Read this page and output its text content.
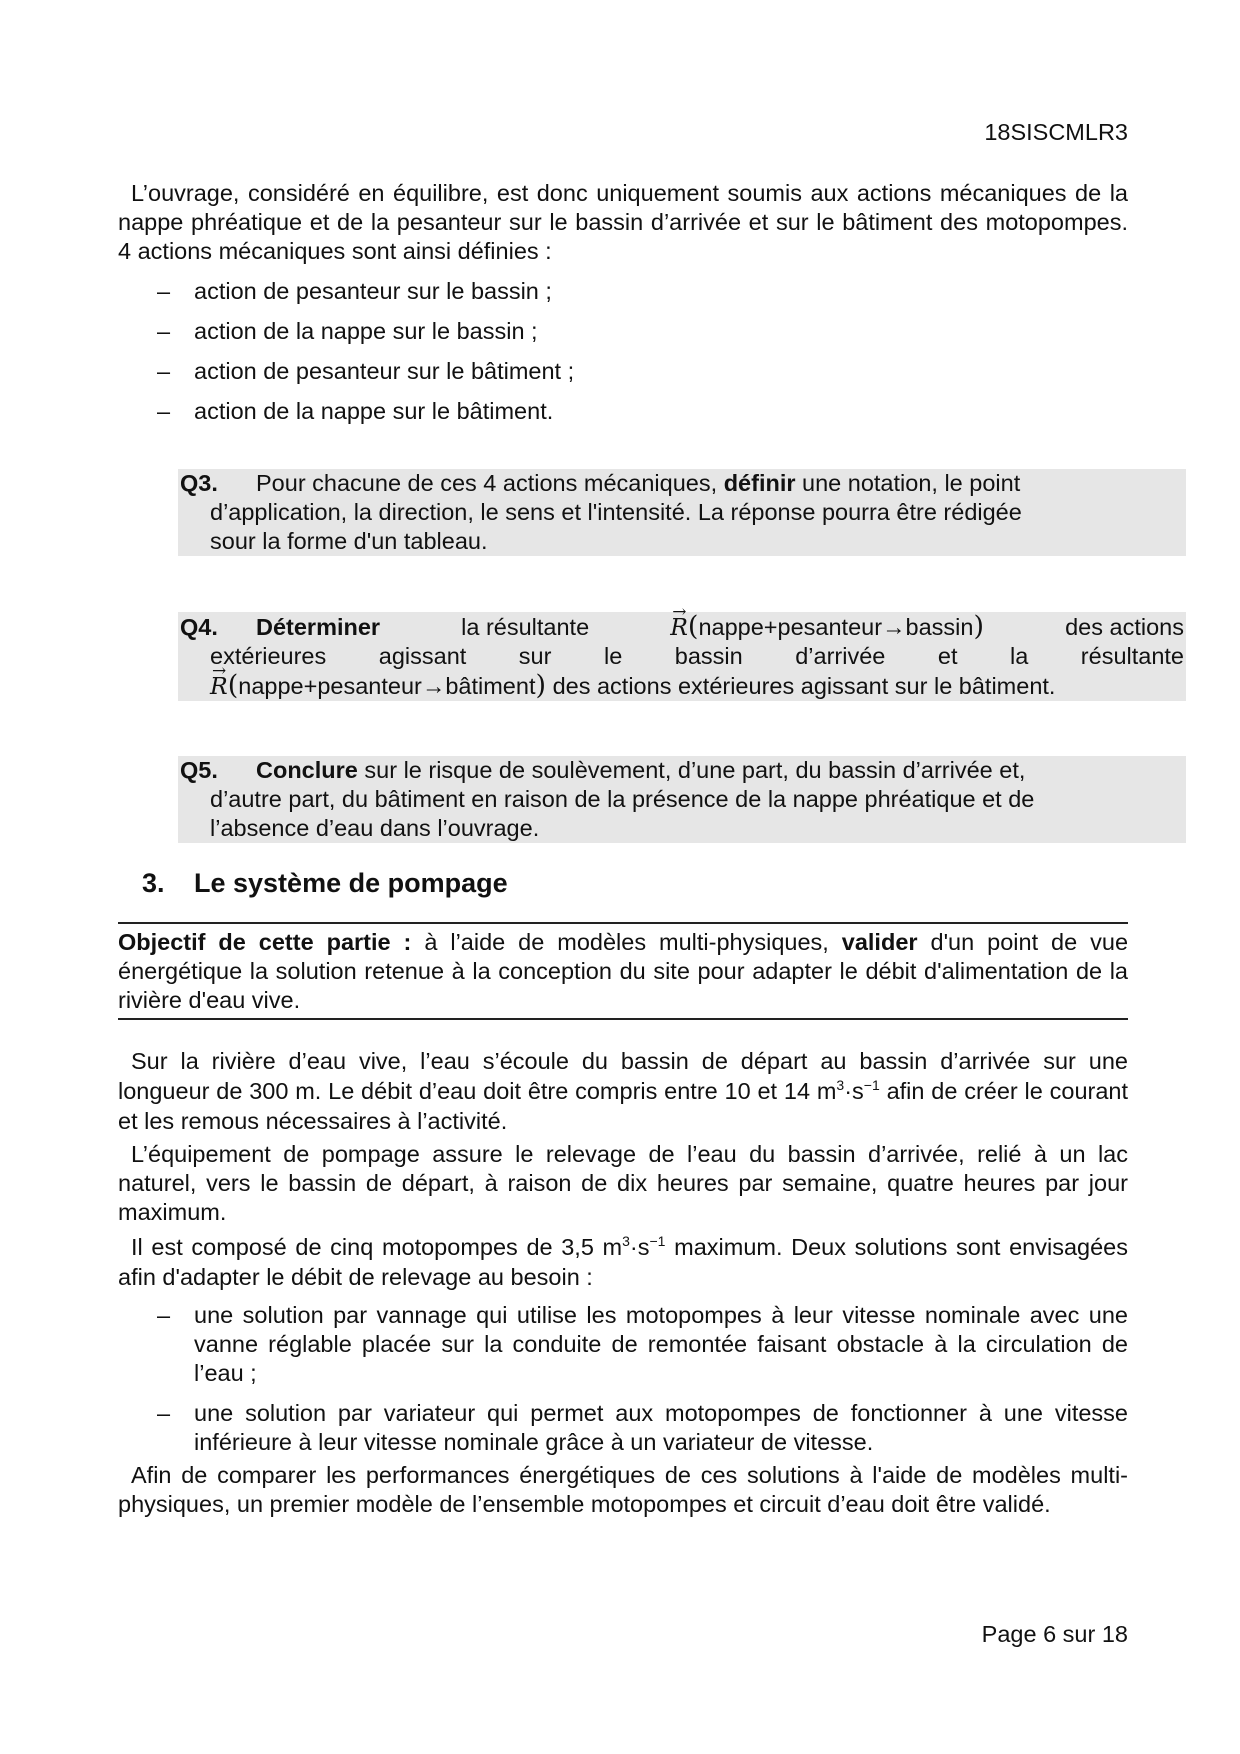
18SISCMLR3

L’ouvrage, considéré en équilibre, est donc uniquement soumis aux actions mécaniques de la nappe phréatique et de la pesanteur sur le bassin d’arrivée et sur le bâtiment des motopompes. 4 actions mécaniques sont ainsi définies :

– action de pesanteur sur le bassin ;
– action de la nappe sur le bassin ;
– action de pesanteur sur le bâtiment ;
– action de la nappe sur le bâtiment.
Q3. Pour chacune de ces 4 actions mécaniques, définir une notation, le point
d’application, la direction, le sens et l'intensité. La réponse pourra être rédigée
sour la forme d'un tableau.
Q4. Déterminer	la résultante
→	R(nappe+pesanteur→bassin)	des actions
extérieures agissant sur le bassin d’arrivée et la résultante
→ R(nappe+pesanteur→bâtiment) des actions extérieures agissant sur le bâtiment.
Q5. Conclure sur le risque de soulèvement, d’une part, du bassin d’arrivée et,
d’autre part, du bâtiment en raison de la présence de la nappe phréatique et de
l’absence d’eau dans l’ouvrage.
3. Le système de pompage
Objectif de cette partie : à l’aide de modèles multi-physiques, valider d'un point de vue énergétique la solution retenue à la conception du site pour adapter le débit d'alimentation de la rivière d'eau vive.

Sur la rivière d’eau vive, l’eau s’écoule du bassin de départ au bassin d’arrivée sur une longueur de 300 m. Le débit d’eau doit être compris entre 10 et 14 $m^3\cdot s^{-1}$ afin de créer le courant et les remous nécessaires à l’activité.

L’équipement de pompage assure le relevage de l’eau du bassin d’arrivée, relié à un lac naturel, vers le bassin de départ, à raison de dix heures par semaine, quatre heures par jour maximum.

Il est composé de cinq motopompes de 3,5 $m^3\cdot s^{-1}$ maximum. Deux solutions sont envisagées afin d'adapter le débit de relevage au besoin :

– une solution par vannage qui utilise les motopompes à leur vitesse nominale avec une vanne réglable placée sur la conduite de remontée faisant obstacle à la circulation de l’eau ;
– une solution par variateur qui permet aux motopompes de fonctionner à une vitesse inférieure à leur vitesse nominale grâce à un variateur de vitesse.

Afin de comparer les performances énergétiques de ces solutions à l'aide de modèles multi-physiques, un premier modèle de l’ensemble motopompes et circuit d’eau doit être validé.

Page 6 sur 18
